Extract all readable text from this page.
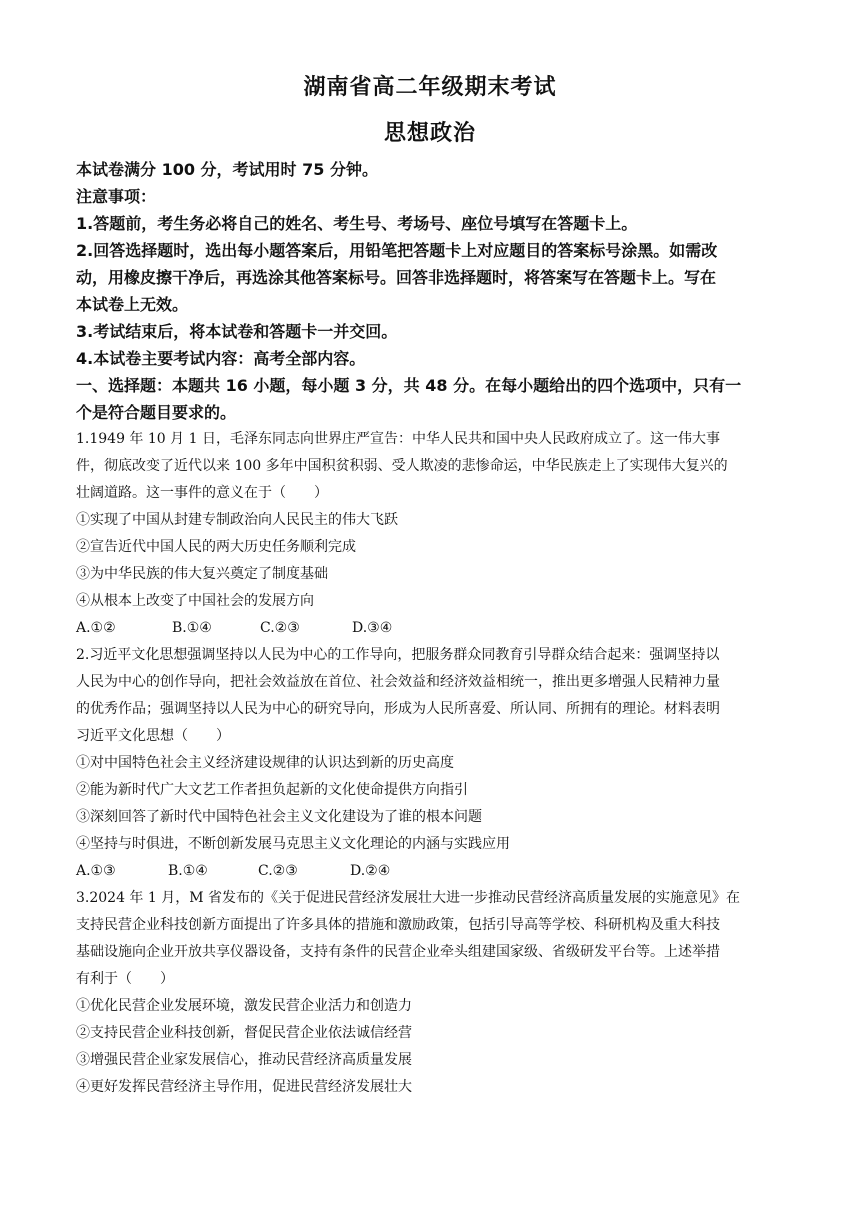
湖南省高二年级期末考试
思想政治
本试卷满分 100 分，考试用时 75 分钟。
注意事项：
1.答题前，考生务必将自己的姓名、考生号、考场号、座位号填写在答题卡上。
2.回答选择题时，选出每小题答案后，用铅笔把答题卡上对应题目的答案标号涂黑。如需改
动，用橡皮擦干净后，再选涂其他答案标号。回答非选择题时，将答案写在答题卡上。写在
本试卷上无效。
3.考试结束后，将本试卷和答题卡一并交回。
4.本试卷主要考试内容：高考全部内容。
一、选择题：本题共 16 小题，每小题 3 分，共 48 分。在每小题给出的四个选项中，只有一
个是符合题目要求的。
1.1949 年 10 月 1 日，毛泽东同志向世界庄严宣告：中华人民共和国中央人民政府成立了。这一伟大事
件，彻底改变了近代以来 100 多年中国积贫积弱、受人欺凌的悲惨命运，中华民族走上了实现伟大复兴的
壮阔道路。这一事件的意义在于（　　）
①实现了中国从封建专制政治向人民民主的伟大飞跃
②宣告近代中国人民的两大历史任务顺利完成
③为中华民族的伟大复兴奠定了制度基础
④从根本上改变了中国社会的发展方向
A.①②	B.①④	C.②③	D.③④
2.习近平文化思想强调坚持以人民为中心的工作导向，把服务群众同教育引导群众结合起来：强调坚持以
人民为中心的创作导向，把社会效益放在首位、社会效益和经济效益相统一，推出更多增强人民精神力量
的优秀作品；强调坚持以人民为中心的研究导向，形成为人民所喜爱、所认同、所拥有的理论。材料表明
习近平文化思想（　　）
①对中国特色社会主义经济建设规律的认识达到新的历史高度
②能为新时代广大文艺工作者担负起新的文化使命提供方向指引
③深刻回答了新时代中国特色社会主义文化建设为了谁的根本问题
④坚持与时俱进，不断创新发展马克思主义文化理论的内涵与实践应用
A.①③	B.①④	C.②③	D.②④
3.2024 年 1 月，M 省发布的《关于促进民营经济发展壮大进一步推动民营经济高质量发展的实施意见》在
支持民营企业科技创新方面提出了许多具体的措施和激励政策，包括引导高等学校、科研机构及重大科技
基础设施向企业开放共享仪器设备，支持有条件的民营企业牵头组建国家级、省级研发平台等。上述举措
有利于（　　）
①优化民营企业发展环境，激发民营企业活力和创造力
②支持民营企业科技创新，督促民营企业依法诚信经营
③增强民营企业家发展信心，推动民营经济高质量发展
④更好发挥民营经济主导作用，促进民营经济发展壮大
